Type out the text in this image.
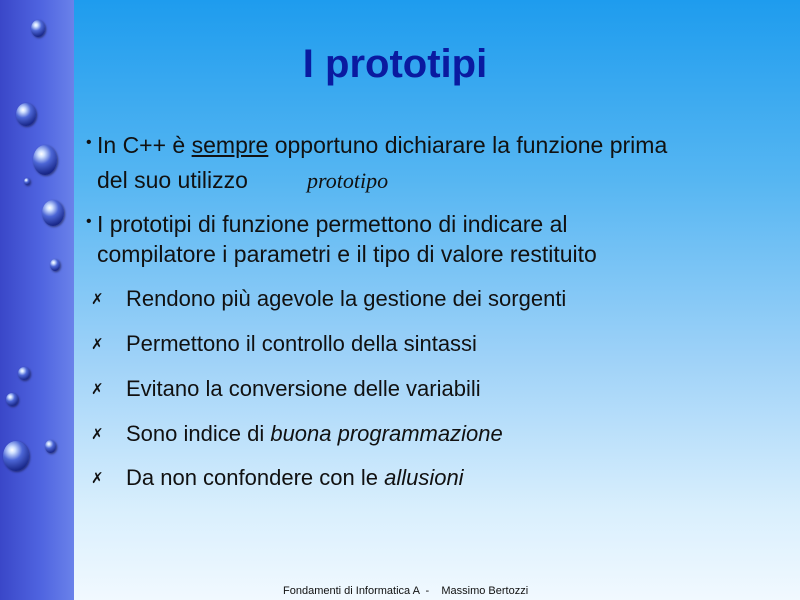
I prototipi
• In C++ è sempre opportuno dichiarare la funzione prima
del suo utilizzo	prototipo
• I prototipi di funzione permettono di indicare al
compilatore i parametri e il tipo di valore restituito
✗ Rendono più agevole la gestione dei sorgenti
✗ Permettono il controllo della sintassi
✗ Evitano la conversione delle variabili
✗ Sono indice di buona programmazione
✗ Da non confondere con le allusioni
Fondamenti di Informatica A  -    Massimo Bertozzi
